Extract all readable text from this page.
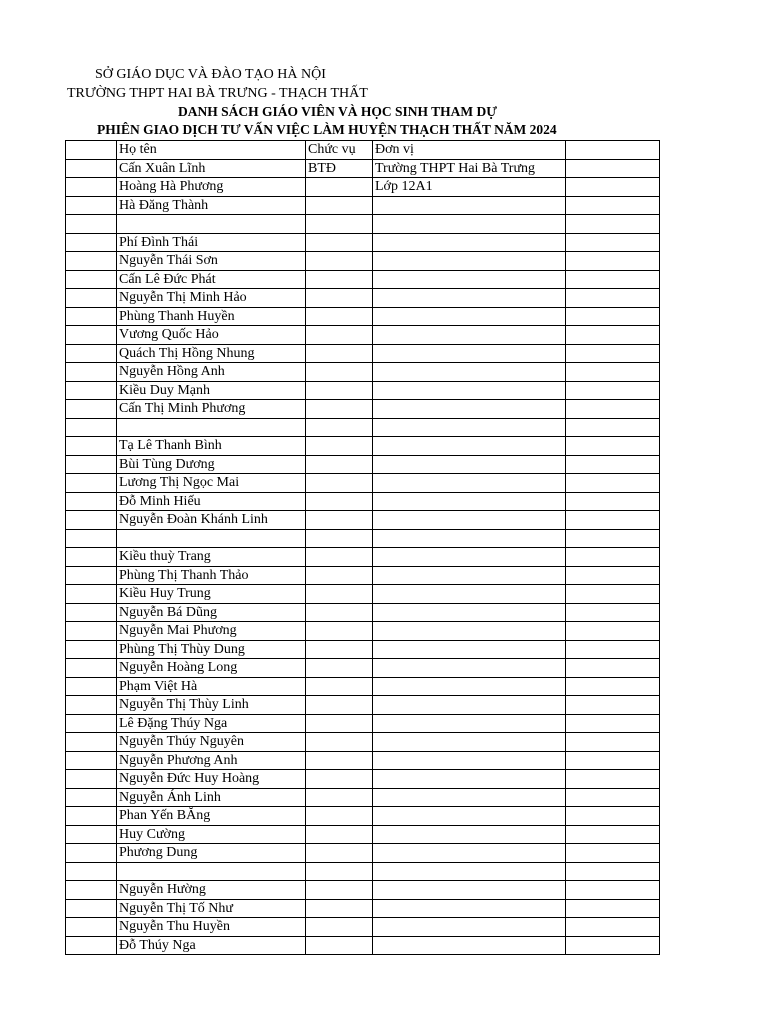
SỞ GIÁO DỤC VÀ ĐÀO TẠO HÀ NỘI
TRƯỜNG THPT HAI BÀ TRƯNG - THẠCH THẤT
DANH SÁCH GIÁO VIÊN VÀ HỌC SINH THAM DỰ
PHIÊN GIAO DỊCH TƯ VẤN VIỆC LÀM HUYỆN THẠCH THẤT NĂM 2024
	Họ tên	Chức vụ	Đơn vị	
	Cấn Xuân Lĩnh	BTĐ	Trường THPT Hai Bà Trưng	
	Hoàng Hà Phương		Lớp 12A1	
	Hà Đăng Thành			

	Phí Đình Thái			
	Nguyễn Thái Sơn			
	Cấn Lê Đức Phát			
	Nguyễn Thị Minh Hảo			
	Phùng Thanh Huyền			
	Vương Quốc Hảo			
	Quách Thị Hồng Nhung			
	Nguyễn Hồng Anh			
	Kiều Duy Mạnh			
	Cấn Thị Minh Phương			

	Tạ Lê Thanh Bình			
	Bùi Tùng Dương			
	Lương Thị Ngọc Mai			
	Đỗ Minh Hiếu			
	Nguyễn Đoàn Khánh Linh			

	Kiều thuỳ Trang			
	Phùng Thị Thanh Thảo			
	Kiều Huy Trung			
	Nguyễn Bá Dũng			
	Nguyễn Mai Phương			
	Phùng Thị Thùy Dung			
	Nguyễn Hoàng Long			
	Phạm Việt Hà			
	Nguyễn Thị Thùy Linh			
	Lê Đặng Thúy Nga			
	Nguyễn Thúy Nguyên			
	Nguyễn Phương Anh			
	Nguyễn Đức Huy Hoàng			
	Nguyễn Ánh Linh			
	Phan Yến BĂng			
	Huy Cường			
	Phương Dung			

	Nguyễn Hường			
	Nguyễn Thị Tố Như			
	Nguyễn Thu Huyền			
	Đỗ Thúy Nga			
